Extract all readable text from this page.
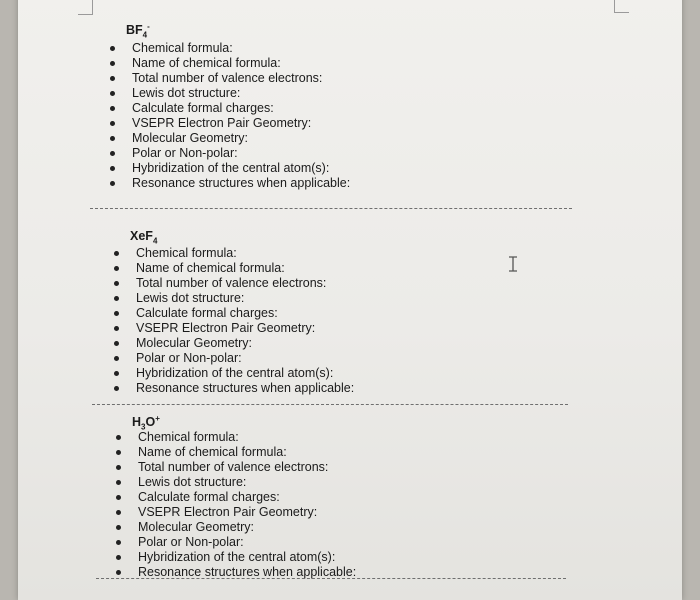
$BF_4^-$
Chemical formula:
Name of chemical formula:
Total number of valence electrons:
Lewis dot structure:
Calculate formal charges:
VSEPR Electron Pair Geometry:
Molecular Geometry:
Polar or Non-polar:
Hybridization of the central atom(s):
Resonance structures when applicable:
XeF$_4$
Chemical formula:
Name of chemical formula:
Total number of valence electrons:
Lewis dot structure:
Calculate formal charges:
VSEPR Electron Pair Geometry:
Molecular Geometry:
Polar or Non-polar:
Hybridization of the central atom(s):
Resonance structures when applicable:
$H_3O^+$
Chemical formula:
Name of chemical formula:
Total number of valence electrons:
Lewis dot structure:
Calculate formal charges:
VSEPR Electron Pair Geometry:
Molecular Geometry:
Polar or Non-polar:
Hybridization of the central atom(s):
Resonance structures when applicable:
